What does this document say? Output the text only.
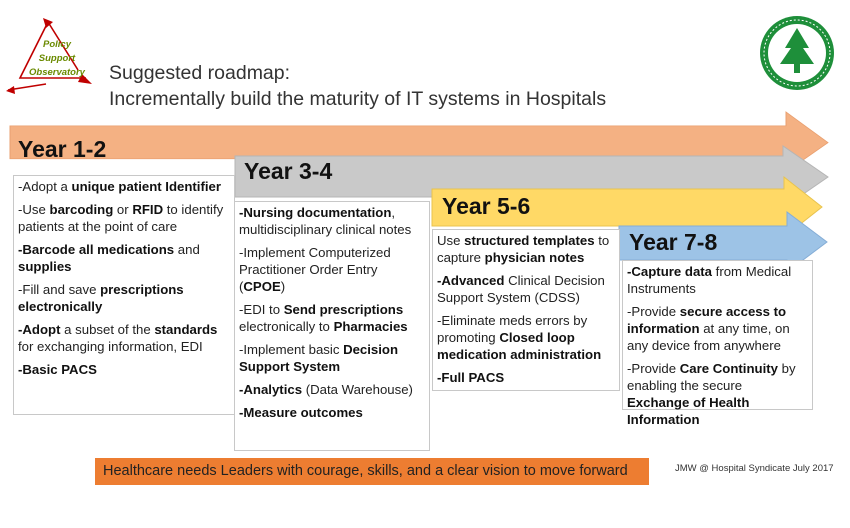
Policy
Support
Observatory Suggested roadmap:
Incrementally build the maturity of IT systems in Hospitals
Year 1-2
Year 3-4
Year 5-6
Year 7-8

-Adopt a unique patient Identifier

-Use barcoding or RFID to identify patients at the point of care

-Barcode all medications and supplies

-Fill and save prescriptions electronically

-Adopt a subset of the standards for exchanging information, EDI

-Basic PACS

-Nursing documentation, multidisciplinary clinical notes

-Implement Computerized Practitioner Order Entry (CPOE)

-EDI to Send prescriptions electronically to Pharmacies

-Implement basic Decision Support System

-Analytics (Data Warehouse)

-Measure outcomes

Use structured templates to capture physician notes

-Advanced Clinical Decision Support System (CDSS)

-Eliminate meds errors by promoting Closed loop medication administration

-Full PACS

-Capture data from Medical Instruments

-Provide secure access to information at any time, on any device from anywhere

-Provide Care Continuity by enabling the secure Exchange of Health Information

Healthcare needs Leaders with courage, skills, and a clear vision to move forward	JMW @ Hospital Syndicate July 2017
